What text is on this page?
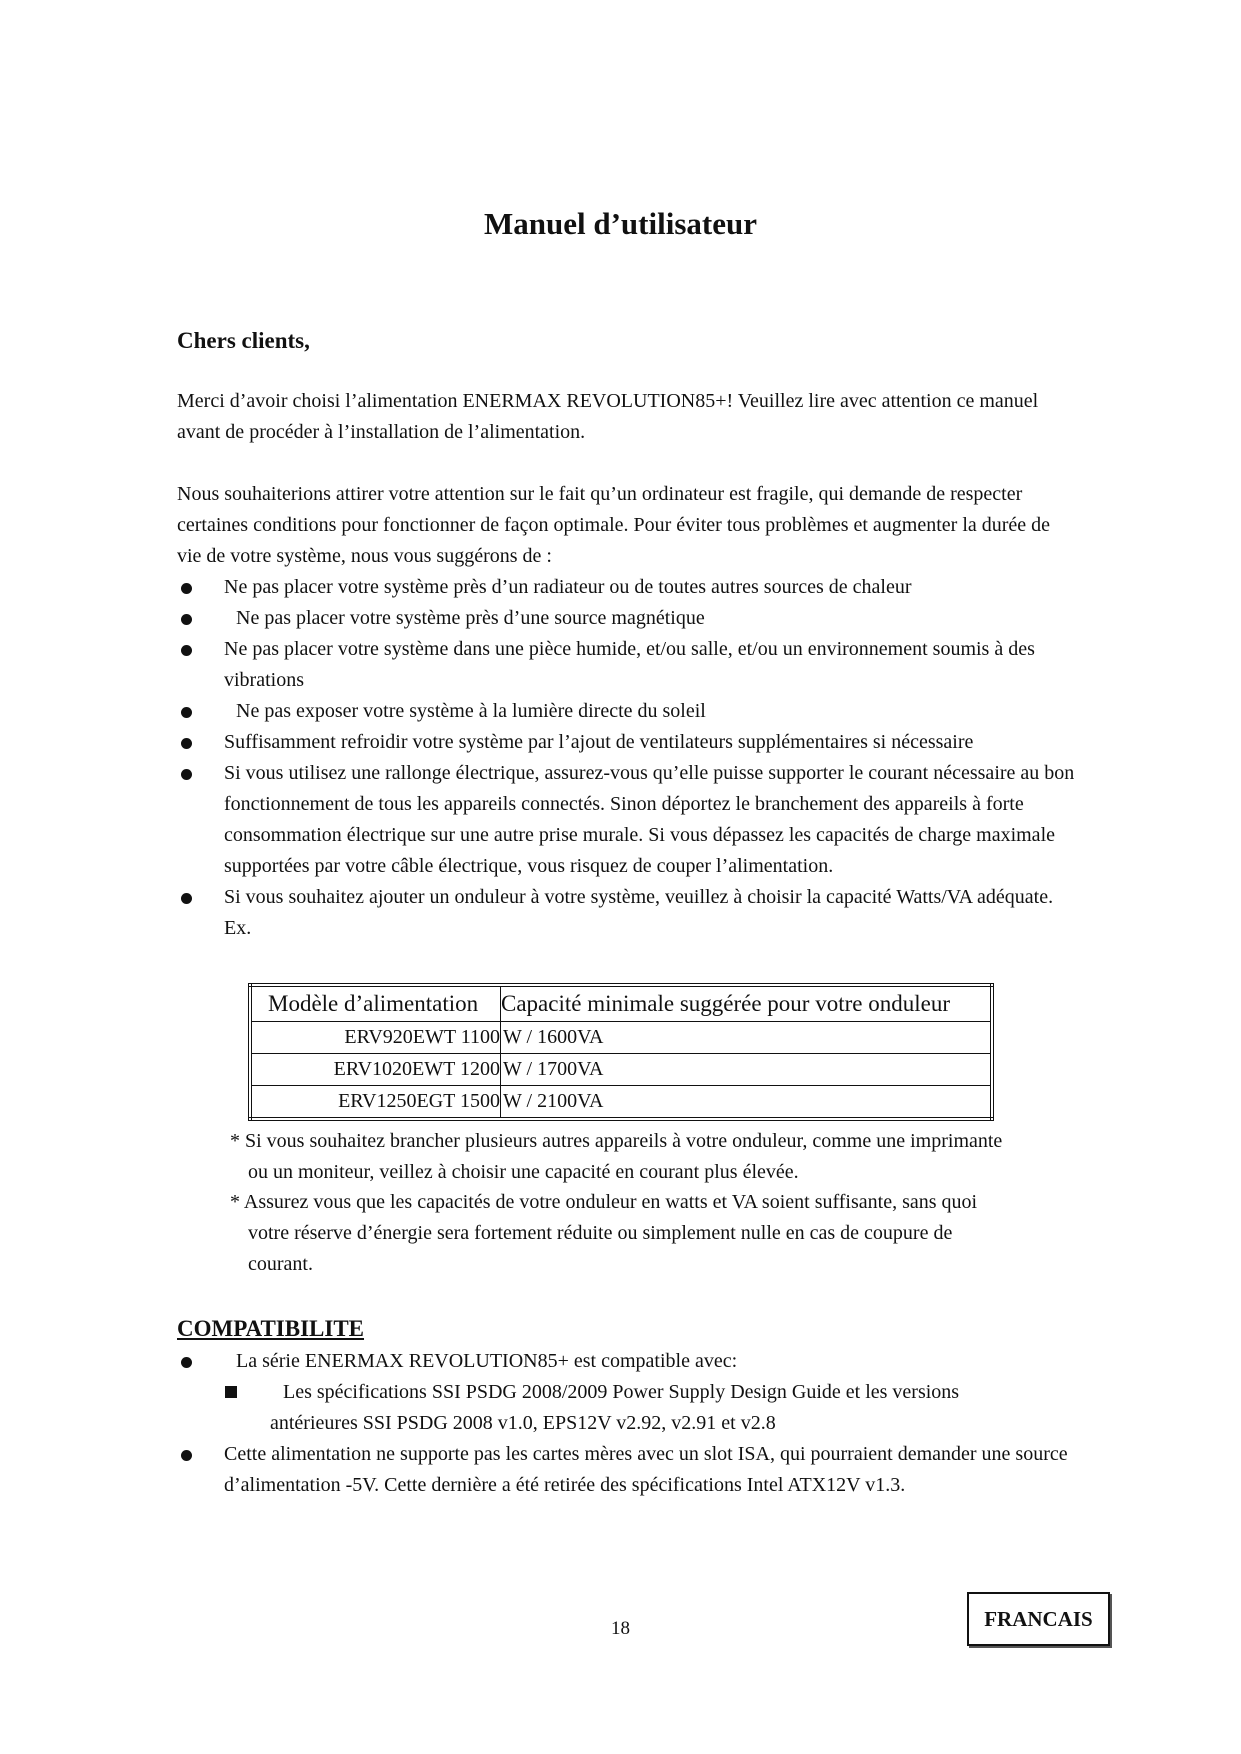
Manuel d’utilisateur
Chers clients,
Merci d’avoir choisi l’alimentation ENERMAX REVOLUTION85+! Veuillez lire avec attention ce manuel avant de procéder à l’installation de l’alimentation.
Nous souhaiterions attirer votre attention sur le fait qu’un ordinateur est fragile, qui demande de respecter certaines conditions pour fonctionner de façon optimale. Pour éviter tous problèmes et augmenter la durée de vie de votre système, nous vous suggérons de :
Ne pas placer votre système près d’un radiateur ou de toutes autres sources de chaleur
Ne pas placer votre système près d’une source magnétique
Ne pas placer votre système dans une pièce humide, et/ou salle, et/ou un environnement soumis à des vibrations
Ne pas exposer votre système à la lumière directe du soleil
Suffisamment refroidir votre système par l’ajout de ventilateurs supplémentaires si nécessaire
Si vous utilisez une rallonge électrique, assurez-vous qu’elle puisse supporter le courant nécessaire au bon fonctionnement de tous les appareils connectés. Sinon déportez le branchement des appareils à forte consommation électrique sur une autre prise murale. Si vous dépassez les capacités de charge maximale supportées par votre câble électrique, vous risquez de couper l’alimentation.
Si vous souhaitez ajouter un onduleur à votre système, veuillez à choisir la capacité Watts/VA adéquate. Ex.
Modèle d’alimentation	Capacité minimale suggérée pour votre onduleur
ERV920EWT 1100	W / 1600VA
ERV1020EWT 1200	W / 1700VA
ERV1250EGT 1500	W / 2100VA
* Si vous souhaitez brancher plusieurs autres appareils à votre onduleur, comme une imprimante
ou un moniteur, veillez à choisir une capacité en courant plus élevée.
* Assurez vous que les capacités de votre onduleur en watts et VA soient suffisante, sans quoi
votre réserve d’énergie sera fortement réduite ou simplement nulle en cas de coupure de
courant.
COMPATIBILITE
La série ENERMAX REVOLUTION85+ est compatible avec:
Les spécifications SSI PSDG 2008/2009 Power Supply Design Guide et les versions
antérieures SSI PSDG 2008 v1.0, EPS12V v2.92, v2.91 et v2.8
Cette alimentation ne supporte pas les cartes mères avec un slot ISA, qui pourraient demander une source d’alimentation -5V. Cette dernière a été retirée des spécifications Intel ATX12V v1.3.
18	FRANCAIS
